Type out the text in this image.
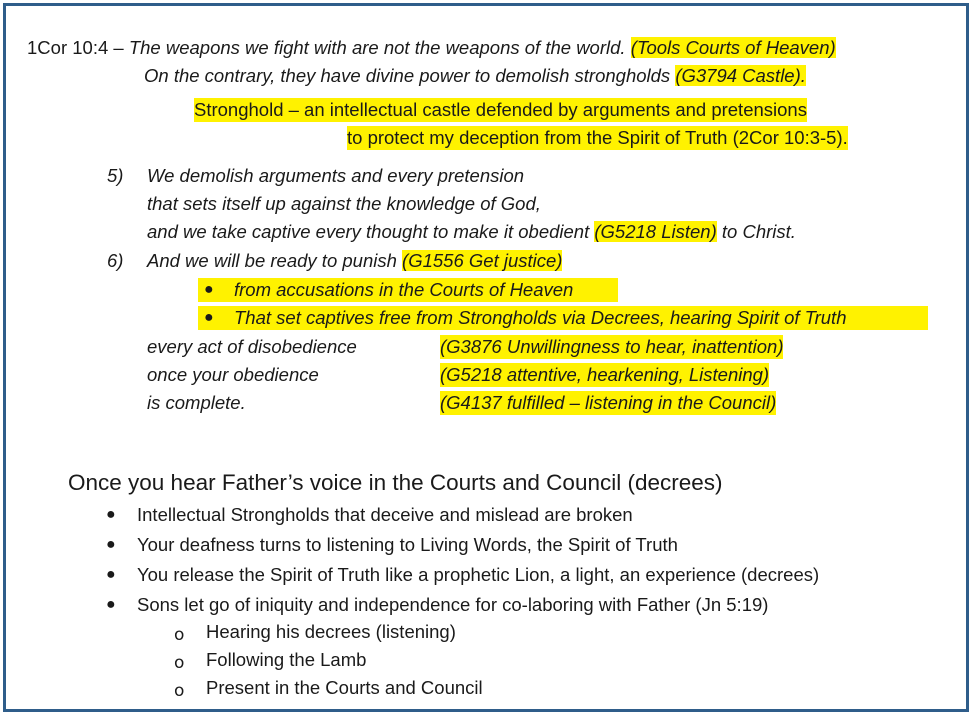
1Cor 10:4 – The weapons we fight with are not the weapons of the world. (Tools Courts of Heaven)
On the contrary, they have divine power to demolish strongholds (G3794 Castle).
Stronghold – an intellectual castle defended by arguments and pretensions
to protect my deception from the Spirit of Truth (2Cor 10:3-5).
5) We demolish arguments and every pretension
that sets itself up against the knowledge of God,
and we take captive every thought to make it obedient (G5218 Listen) to Christ.
6) And we will be ready to punish (G1556 Get justice)
● from accusations in the Courts of Heaven
● That set captives free from Strongholds via Decrees, hearing Spirit of Truth
every act of disobedience	(G3876 Unwillingness to hear, inattention)
once your obedience	(G5218 attentive, hearkening, Listening)
is complete.	(G4137 fulfilled – listening in the Council)
Once you hear Father’s voice in the Courts and Council (decrees)
● Intellectual Strongholds that deceive and mislead are broken
● Your deafness turns to listening to Living Words, the Spirit of Truth
● You release the Spirit of Truth like a prophetic Lion, a light, an experience (decrees)
● Sons let go of iniquity and independence for co-laboring with Father (Jn 5:19)
o Hearing his decrees (listening)
o Following the Lamb
o Present in the Courts and Council
